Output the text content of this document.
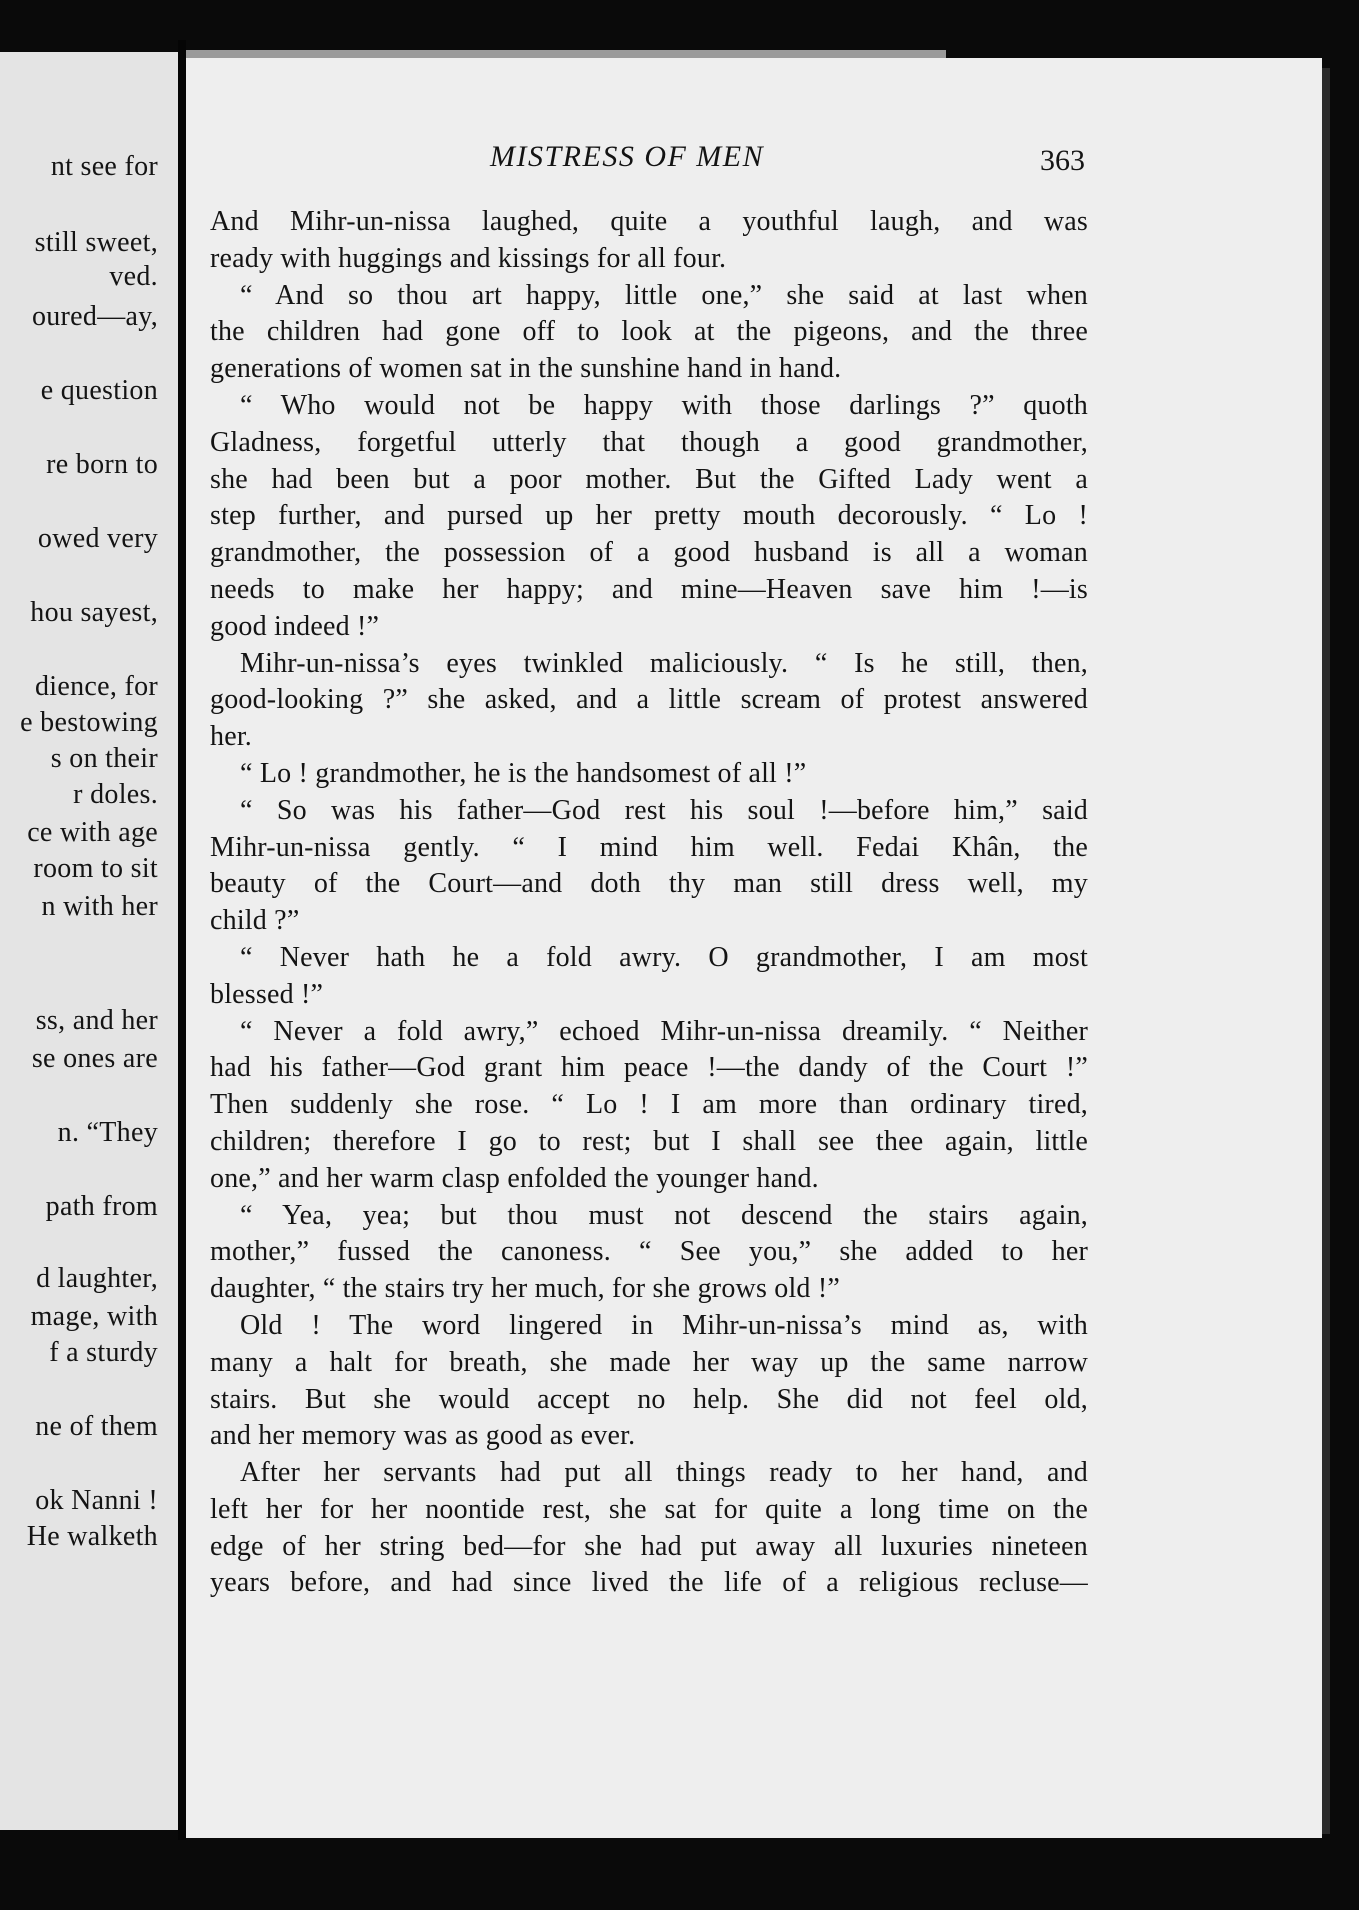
nt see for
still sweet,
ved.
oured—ay,
e question
re born to
owed very
hou sayest,
dience, for
e bestowing
s on their
r doles.
ce with age
room to sit
n with her
ss, and her
se ones are
n. “They
path from
d laughter,
mage, with
f a sturdy
ne of them
ok Nanni !
He walketh
MISTRESS OF MEN	363
And Mihr-un-nissa laughed, quite a youthful laugh, and was
ready with huggings and kissings for all four.
“ And so thou art happy, little one,” she said at last when
the children had gone off to look at the pigeons, and the three
generations of women sat in the sunshine hand in hand.
“ Who would not be happy with those darlings ?” quoth
Gladness, forgetful utterly that though a good grandmother,
she had been but a poor mother. But the Gifted Lady went a
step further, and pursed up her pretty mouth decorously. “ Lo !
grandmother, the possession of a good husband is all a woman
needs to make her happy; and mine—Heaven save him !—is
good indeed !”
Mihr-un-nissa’s eyes twinkled maliciously. “ Is he still, then,
good-looking ?” she asked, and a little scream of protest answered
her.
“ Lo ! grandmother, he is the handsomest of all !”
“ So was his father—God rest his soul !—before him,” said
Mihr-un-nissa gently. “ I mind him well. Fedai Khân, the
beauty of the Court—and doth thy man still dress well, my
child ?”
“ Never hath he a fold awry. O grandmother, I am most
blessed !”
“ Never a fold awry,” echoed Mihr-un-nissa dreamily. “ Neither
had his father—God grant him peace !—the dandy of the Court !”
Then suddenly she rose. “ Lo ! I am more than ordinary tired,
children; therefore I go to rest; but I shall see thee again, little
one,” and her warm clasp enfolded the younger hand.
“ Yea, yea; but thou must not descend the stairs again,
mother,” fussed the canoness. “ See you,” she added to her
daughter, “ the stairs try her much, for she grows old !”
Old ! The word lingered in Mihr-un-nissa’s mind as, with
many a halt for breath, she made her way up the same narrow
stairs. But she would accept no help. She did not feel old,
and her memory was as good as ever.
After her servants had put all things ready to her hand, and
left her for her noontide rest, she sat for quite a long time on the
edge of her string bed—for she had put away all luxuries nineteen
years before, and had since lived the life of a religious recluse—
